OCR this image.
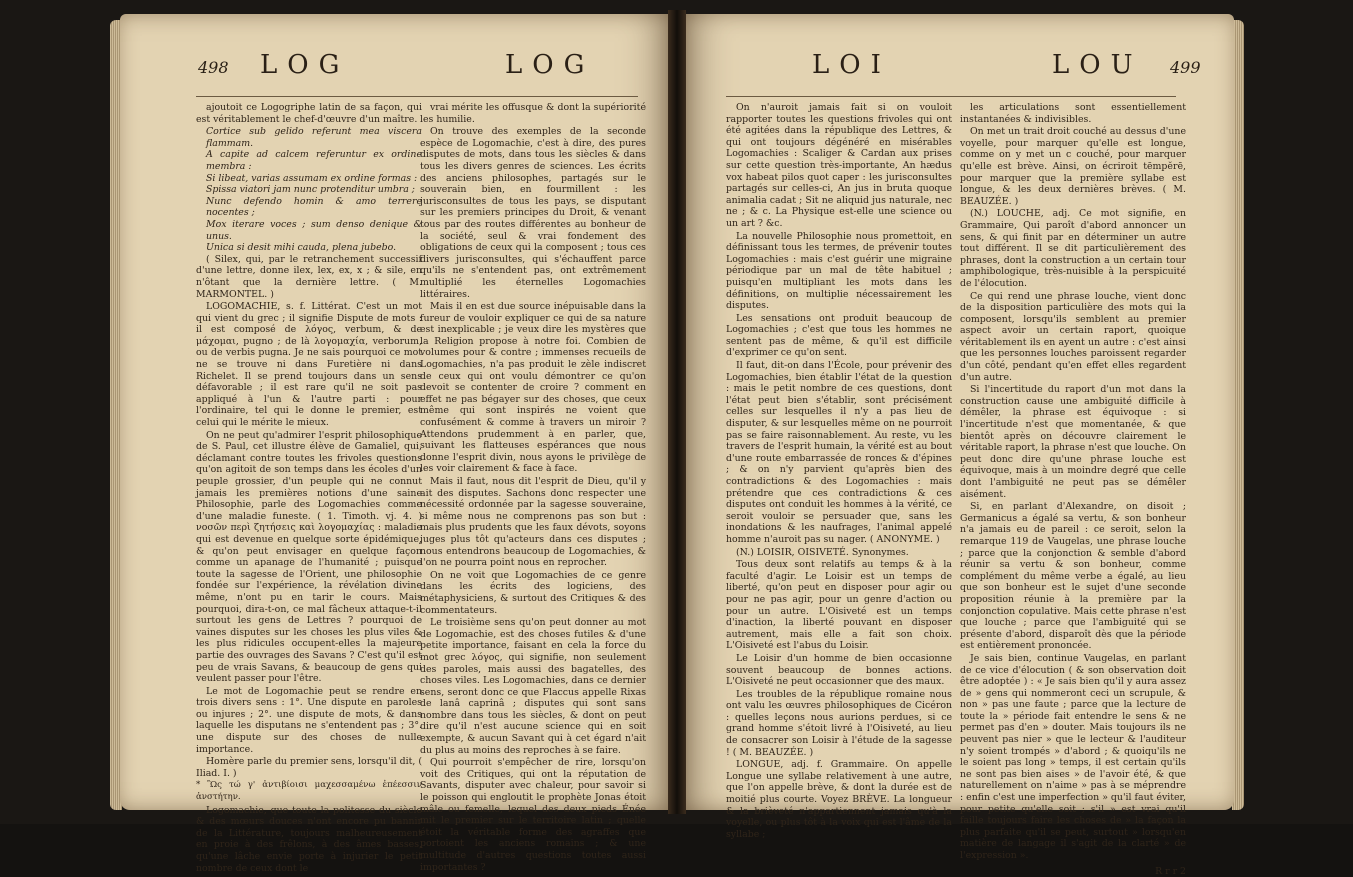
498 LOG	LOG

ajoutoit ce Logogriphe latin de sa façon, qui est véritablement le chef-d'œuvre d'un maître.

Cortice sub gelido referunt mea viscera flammam.

A capite ad calcem referuntur ex ordine membra :

Si libeat, varias assumam ex ordine formas :

Spissa viatori jam nunc protenditur umbra ;

Nunc defendo homin & amo terrere nocentes ;

Mox iterare voces ; sum denso denique & unus.

Unica si desit mihi cauda, plena jubebo.

( Silex, qui, par le retranchement successif d'une lettre, donne ilex, lex, ex, x ; & sile, en n'ôtant que la dernière lettre. ( M. MARMONTEL. )

LOGOMACHIE, s. f. Littérat. C'est un mot qui vient du grec ; il signifie Dispute de mots : il est composé de λόγος, verbum, & de μάχομαι, pugno ; de là λογομαχία, verborum, ou de verbis pugna. Je ne sais pourquoi ce mot ne se trouve ni dans Furetière ni dans Richelet. Il se prend toujours dans un sens défavorable ; il est rare qu'il ne soit pas appliqué à l'un & l'autre parti : pour l'ordinaire, tel qui le donne le premier, est celui qui le mérite le mieux.

On ne peut qu'admirer l'esprit philosophique de S. Paul, cet illustre élève de Gamaliel, qui, déclamant contre toutes les frivoles questions qu'on agitoit de son temps dans les écoles d'un peuple grossier, d'un peuple qui ne connut jamais les premières notions d'une saine Philosophie, parle des Logomachies comme d'une maladie funeste. ( 1. Timoth. vj. 4. ) νοσῶν περὶ ζητήσεις καὶ λογομαχίας : maladie qui est devenue en quelque sorte épidémique, & qu'on peut envisager en quelque façon comme un apanage de l'humanité ; puisque toute la sagesse de l'Orient, une philosophie fondée sur l'expérience, la révélation divine même, n'ont pu en tarir le cours. Mais pourquoi, dira-t-on, ce mal fâcheux attaque-t-il surtout les gens de Lettres ? pourquoi de vaines disputes sur les choses les plus viles & les plus ridicules occupent-elles la majeure partie des ouvrages des Savans ? C'est qu'il est peu de vrais Savans, & beaucoup de gens qui veulent passer pour l'être.

Le mot de Logomachie peut se rendre en trois divers sens : 1°. Une dispute en paroles ou injures ; 2°. une dispute de mots, & dans laquelle les disputans ne s'entendent pas ; 3°. une dispute sur des choses de nulle importance.

Homère parle du premier sens, lorsqu'il dit, ( Iliad. I. )

* Ὣς τώ γ' ἀντιβίοισι μαχεσσαμένω ἐπέεσσιν ἀνστήτην.

Logomachie, que toute la politesse du siècle & des mœurs douces n'ont encore pu bannir de la Littérature, toujours malheureusement en proie à des frêlons, à des âmes basses, qu'une lâche envie porte à injurier le petit nombre de ceux dont le

vrai mérite les offusque & dont la supériorité les humilie.

On trouve des exemples de la seconde espèce de Logomachie, c'est à dire, des pures disputes de mots, dans tous les siècles & dans tous les divers genres de sciences. Les écrits des anciens philosophes, partagés sur le souverain bien, en fourmillent : les jurisconsultes de tous les pays, se disputant sur les premiers principes du Droit, & venant tous par des routes différentes au bonheur de la société, seul & vrai fondement des obligations de ceux qui la composent ; tous ces divers jurisconsultes, qui s'échauffent parce qu'ils ne s'entendent pas, ont extrêmement multiplié les éternelles Logomachies littéraires.

Mais il en est due source inépuisable dans la fureur de vouloir expliquer ce qui de sa nature est inexplicable ; je veux dire les mystères que la Religion propose à notre foi. Combien de volumes pour & contre ; immenses recueils de Logomachies, n'a pas produit le zèle indiscret de ceux qui ont voulu démontrer ce qu'on devoit se contenter de croire ? comment en effet ne pas bégayer sur des choses, que ceux même qui sont inspirés ne voient que confusément & comme à travers un miroir ? Attendons prudemment à en parler, que, suivant les flatteuses espérances que nous donne l'esprit divin, nous ayons le privilège de les voir clairement & face à face.

Mais il faut, nous dit l'esprit de Dieu, qu'il y ait des disputes. Sachons donc respecter une nécessité ordonnée par la sagesse souveraine, si même nous ne comprenons pas son but : mais plus prudents que les faux dévots, soyons juges plus tôt qu'acteurs dans ces disputes ; nous entendrons beaucoup de Logomachies, & l'on ne pourra point nous en reprocher.

On ne voit que Logomachies de ce genre dans les écrits des logiciens, des métaphysiciens, & surtout des Critiques & des commentateurs.

Le troisième sens qu'on peut donner au mot de Logomachie, est des choses futiles & d'une petite importance, faisant en cela la force du mot grec λόγος, qui signifie, non seulement des paroles, mais aussi des bagatelles, des choses viles. Les Logomachies, dans ce dernier sens, seront donc ce que Flaccus appelle Rixas de lanâ caprinâ ; disputes qui sont sans nombre dans tous les siècles, & dont on peut dire qu'il n'est aucune science qui en soit exempte, & aucun Savant qui à cet égard n'ait du plus au moins des reproches à se faire.

Qui pourroit s'empêcher de rire, lorsqu'on voit des Critiques, qui ont la réputation de Savants, disputer avec chaleur, pour savoir si le poisson qui engloutit le prophète Jonas étoit mâle ou femelle, lequel des deux pieds Énée mit le premier sur le territoire latin ; quelle étoit la véritable forme des agraffes que portoient les anciens romains ; & une multitude d'autres questions toutes aussi importantes ?

LOI	LOU 499

On n'auroit jamais fait si on vouloit rapporter toutes les questions frivoles qui ont été agitées dans la république des Lettres, & qui ont toujours dégénéré en misérables Logomachies : Scaliger & Cardan aux prises sur cette question très-importante, An hædus vox habeat pilos quot caper : les jurisconsultes partagés sur celles-ci, An jus in bruta quoque animalia cadat ; Sit ne aliquid jus naturale, nec ne ; & c. La Physique est-elle une science ou un art ? &c.

La nouvelle Philosophie nous promettoit, en définissant tous les termes, de prévenir toutes Logomachies : mais c'est guérir une migraine périodique par un mal de tête habituel ; puisqu'en multipliant les mots dans les définitions, on multiplie nécessairement les disputes.

Les sensations ont produit beaucoup de Logomachies ; c'est que tous les hommes ne sentent pas de même, & qu'il est difficile d'exprimer ce qu'on sent.

Il faut, dit-on dans l'École, pour prévenir des Logomachies, bien établir l'état de la question : mais le petit nombre de ces questions, dont l'état peut bien s'établir, sont précisément celles sur lesquelles il n'y a pas lieu de disputer, & sur lesquelles même on ne pourroit pas se faire raisonnablement. Au reste, vu les travers de l'esprit humain, la vérité est au bout d'une route embarrassée de ronces & d'épines ; & on n'y parvient qu'après bien des contradictions & des Logomachies : mais prétendre que ces contradictions & ces disputes ont conduit les hommes à la vérité, ce seroit vouloir se persuader que, sans les inondations & les naufrages, l'animal appelé homme n'auroit pas su nager. ( ANONYME. )

(N.) LOISIR, OISIVETÉ. Synonymes.

Tous deux sont relatifs au temps & à la faculté d'agir. Le Loisir est un temps de liberté, qu'on peut en disposer pour agir ou pour ne pas agir, pour un genre d'action ou pour un autre. L'Oisiveté est un temps d'inaction, la liberté pouvant en disposer autrement, mais elle a fait son choix. L'Oisiveté est l'abus du Loisir.

Le Loisir d'un homme de bien occasionne souvent beaucoup de bonnes actions. L'Oisiveté ne peut occasionner que des maux.

Les troubles de la république romaine nous ont valu les œuvres philosophiques de Cicéron : quelles leçons nous aurions perdues, si ce grand homme s'étoit livré à l'Oisiveté, au lieu de consacrer son Loisir à l'étude de la sagesse ! ( M. BEAUZÉE. )

LONGUE, adj. f. Grammaire. On appelle Longue une syllabe relativement à une autre, que l'on appelle brève, & dont la durée est de moitié plus courte. Voyez BRÈVE. La longueur & la brièveté n'appartiennent jamais qu'à la voyelle, ou plus tôt à la voix qui est l'âme de la syllabe ;

les articulations sont essentiellement instantanées & indivisibles.

On met un trait droit couché au dessus d'une voyelle, pour marquer qu'elle est longue, comme on y met un c couché, pour marquer qu'elle est brève. Ainsi, on écriroit tēmpĕrē, pour marquer que la première syllabe est longue, & les deux dernières brèves. ( M. BEAUZÉE. )

(N.) LOUCHE, adj. Ce mot signifie, en Grammaire, Qui paroît d'abord annoncer un sens, & qui finit par en déterminer un autre tout différent. Il se dit particulièrement des phrases, dont la construction a un certain tour amphibologique, très-nuisible à la perspicuité de l'élocution.

Ce qui rend une phrase louche, vient donc de la disposition particulière des mots qui la composent, lorsqu'ils semblent au premier aspect avoir un certain raport, quoique véritablement ils en ayent un autre : c'est ainsi que les personnes louches paroissent regarder d'un côté, pendant qu'en effet elles regardent d'un autre.

Si l'incertitude du raport d'un mot dans la construction cause une ambiguité difficile à démêler, la phrase est équivoque : si l'incertitude n'est que momentanée, & que bientôt après on découvre clairement le véritable raport, la phrase n'est que louche. On peut donc dire qu'une phrase louche est équivoque, mais à un moindre degré que celle dont l'ambiguité ne peut pas se démêler aisément.

Si, en parlant d'Alexandre, on disoit ; Germanicus a égalé sa vertu, & son bonheur n'a jamais eu de pareil : ce seroit, selon la remarque 119 de Vaugelas, une phrase louche ; parce que la conjonction & semble d'abord réunir sa vertu & son bonheur, comme complément du même verbe a égalé, au lieu que son bonheur est le sujet d'une seconde proposition réunie à la première par la conjonction copulative. Mais cette phrase n'est que louche ; parce que l'ambiguité qui se présente d'abord, disparoît dès que la période est entièrement prononcée.

Je sais bien, continue Vaugelas, en parlant de ce vice d'élocution ( & son observation doit être adoptée ) : « Je sais bien qu'il y aura assez de » gens qui nommeront ceci un scrupule, & non » pas une faute ; parce que la lecture de toute la » période fait entendre le sens & ne permet pas d'en » douter. Mais toujours ils ne peuvent pas nier » que le lecteur & l'auditeur n'y soient trompés » d'abord ; & quoiqu'ils ne le soient pas long » temps, il est certain qu'ils ne sont pas bien aises » de l'avoir été, & que naturellement on n'aime » pas à se méprendre : enfin c'est une imperfection » qu'il faut éviter, pour petite qu'elle soit ; s'il » est vrai qu'il faille toujours faire les choses de » la façon la plus parfaite qu'il se peut, surtout » lorsqu'en matière de langage il s'agit de la clarté » de l'expression ».

R r r 2
